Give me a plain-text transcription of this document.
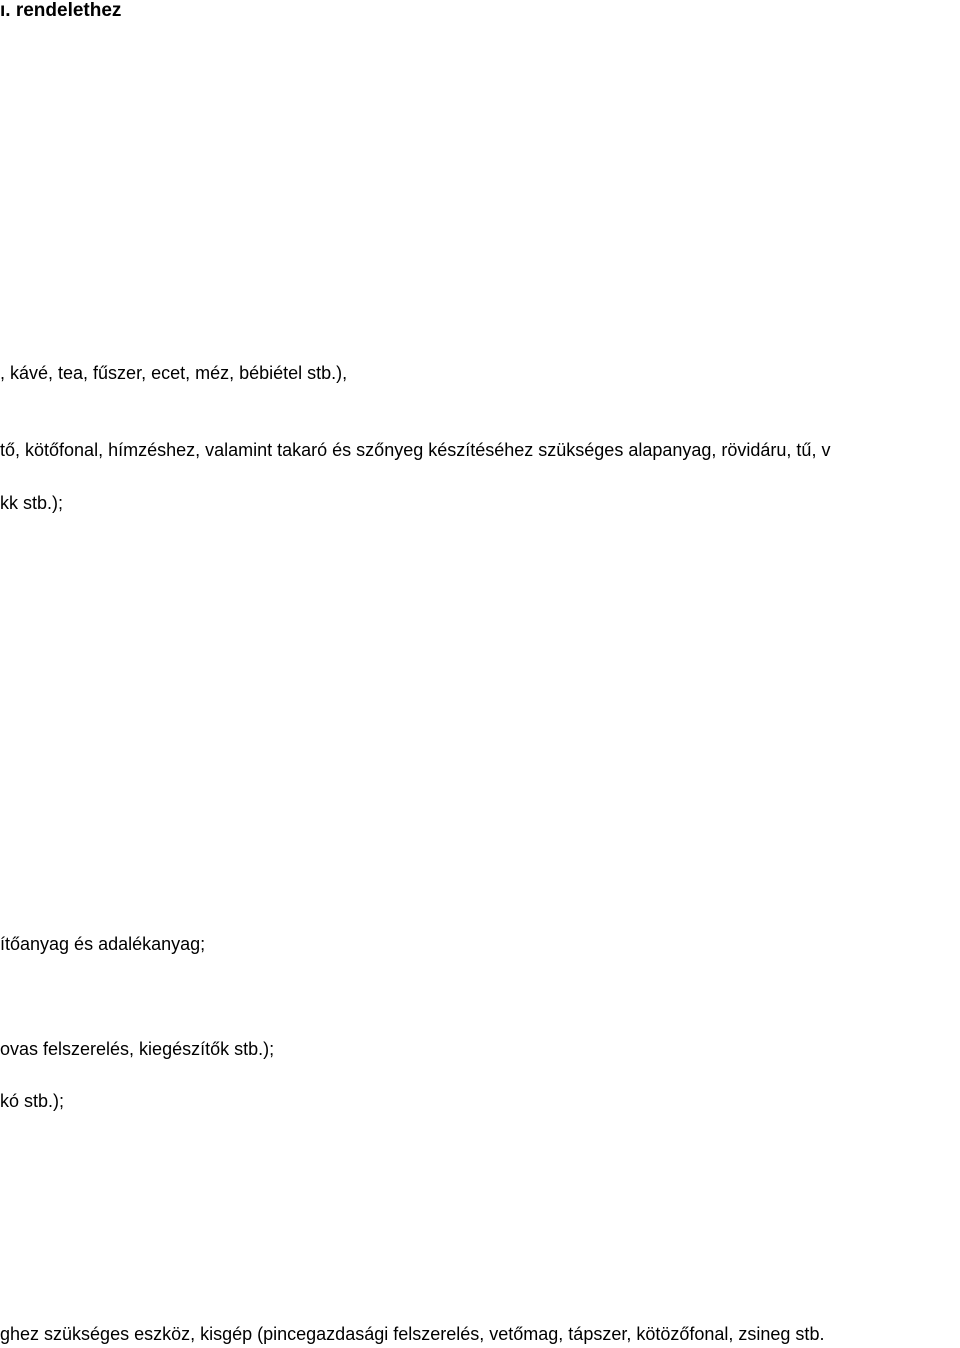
ı. rendelethez
, kávé, tea, fűszer, ecet, méz, bébiétel stb.),
tő, kötőfonal, hímzéshez, valamint takaró és szőnyeg készítéséhez szükséges alapanyag, rövidáru, tű, v
kk stb.);
ítőanyag és adalékanyag;
ovas felszerelés, kiegészítők stb.);
kó stb.);
ghez szükséges eszköz, kisgép (pincegazdasági felszerelés, vetőmag, tápszer, kötözőfonal, zsineg stb.
